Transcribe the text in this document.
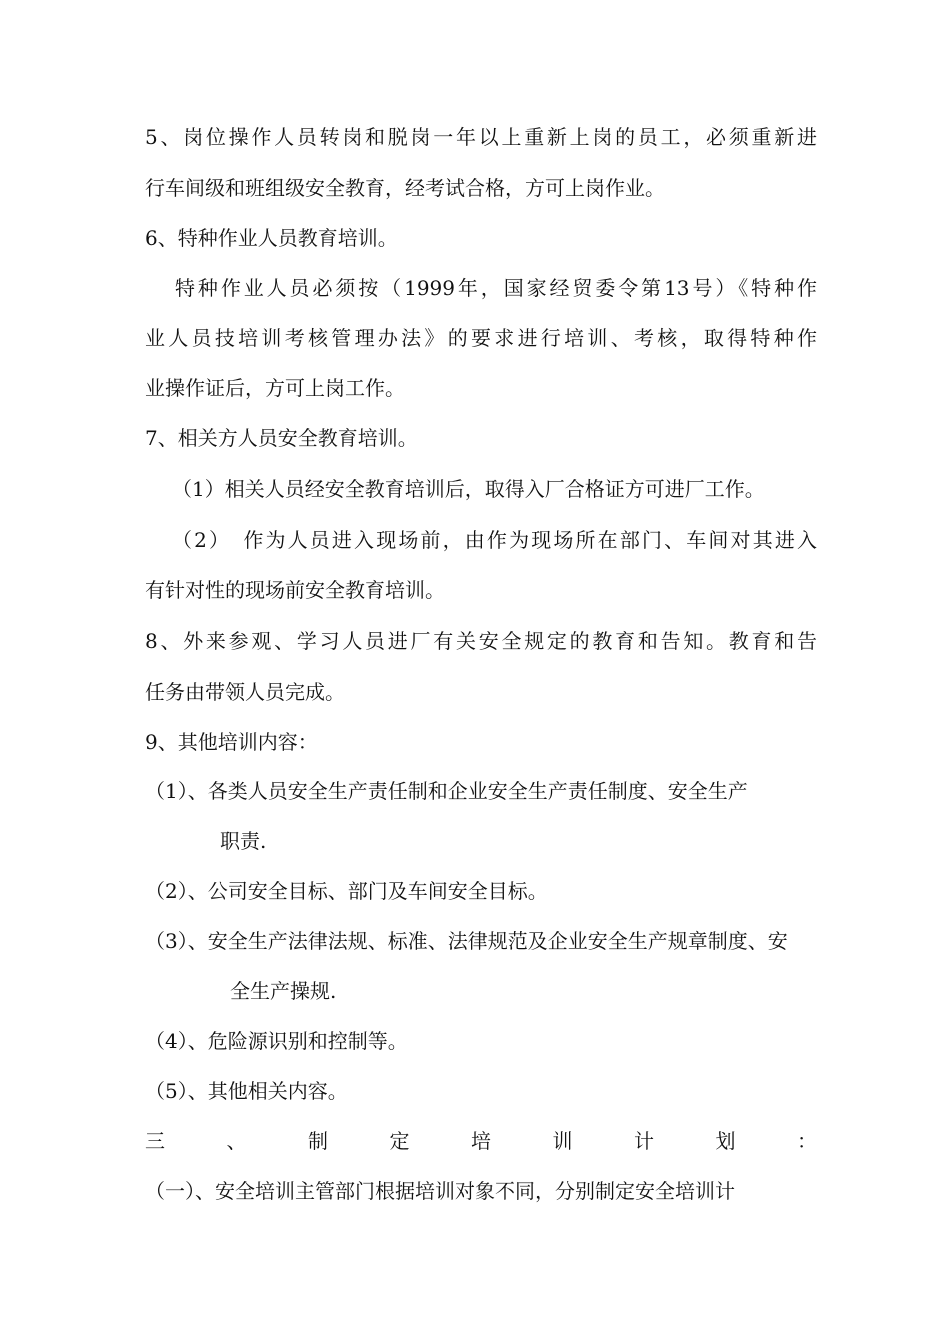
5、岗位操作人员转岗和脱岗一年以上重新上岗的员工，必须重新进
行车间级和班组级安全教育，经考试合格，方可上岗作业。
6、特种作业人员教育培训。
特种作业人员必须按（1999年，国家经贸委令第13号）《特种作
业人员技培训考核管理办法》的要求进行培训、考核，取得特种作
业操作证后，方可上岗工作。
7、相关方人员安全教育培训。
（1）相关人员经安全教育培训后，取得入厂合格证方可进厂工作。
（2）　作为人员进入现场前，由作为现场所在部门、车间对其进入
有针对性的现场前安全教育培训。
8、外来参观、学习人员进厂有关安全规定的教育和告知。教育和告
任务由带领人员完成。
9、其他培训内容：
（1）、各类人员安全生产责任制和企业安全生产责任制度、安全生产
职责.
（2）、公司安全目标、部门及车间安全目标。
（3）、安全生产法律法规、标准、法律规范及企业安全生产规章制度、安
全生产操规.
（4）、危险源识别和控制等。
（5）、其他相关内容。
三	、	制	定	培	训	计	划	：
（一）、安全培训主管部门根据培训对象不同，分别制定安全培训计
